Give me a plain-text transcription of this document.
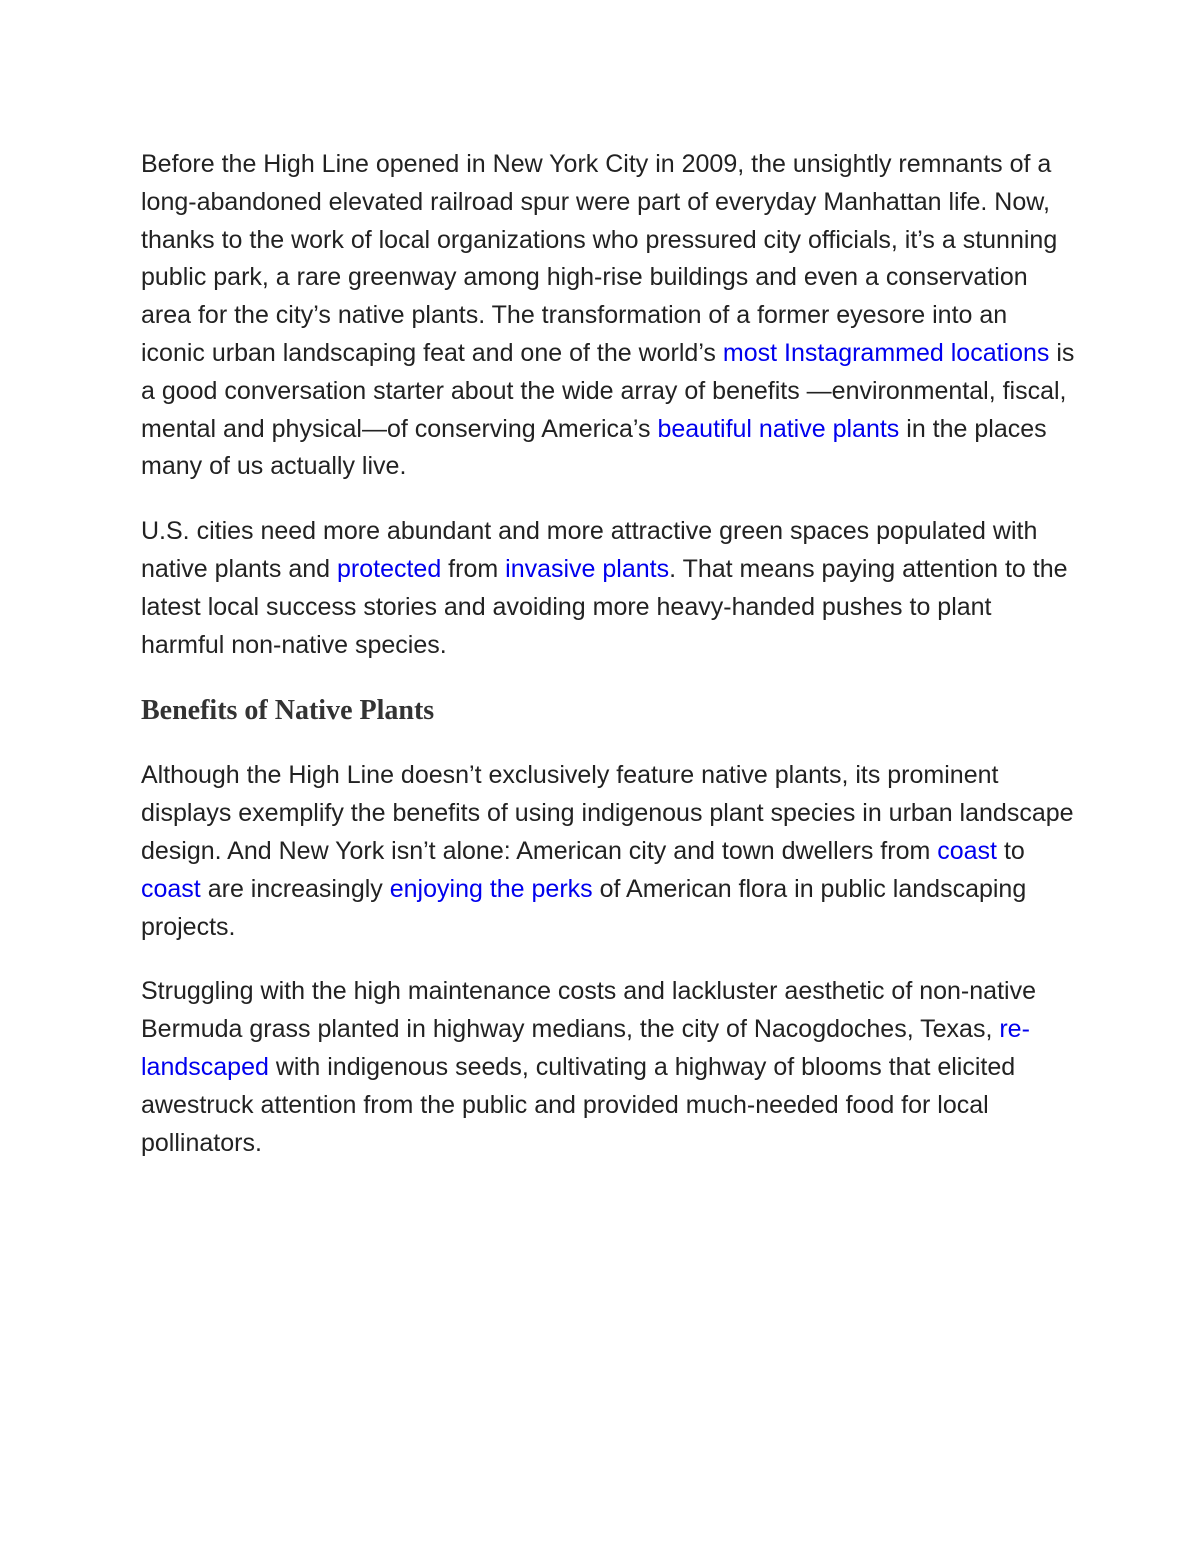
Before the High Line opened in New York City in 2009, the unsightly remnants of a long-abandoned elevated railroad spur were part of everyday Manhattan life. Now, thanks to the work of local organizations who pressured city officials, it’s a stunning public park, a rare greenway among high-rise buildings and even a conservation area for the city’s native plants. The transformation of a former eyesore into an iconic urban landscaping feat and one of the world’s most Instagrammed locations is a good conversation starter about the wide array of benefits —environmental, fiscal, mental and physical—of conserving America’s beautiful native plants in the places many of us actually live.

U.S. cities need more abundant and more attractive green spaces populated with native plants and protected from invasive plants. That means paying attention to the latest local success stories and avoiding more heavy-handed pushes to plant harmful non-native species.

Benefits of Native Plants

Although the High Line doesn’t exclusively feature native plants, its prominent displays exemplify the benefits of using indigenous plant species in urban landscape design. And New York isn’t alone: American city and town dwellers from coast to coast are increasingly enjoying the perks of American flora in public landscaping projects.

Struggling with the high maintenance costs and lackluster aesthetic of non-native Bermuda grass planted in highway medians, the city of Nacogdoches, Texas, re-landscaped with indigenous seeds, cultivating a highway of blooms that elicited awestruck attention from the public and provided much-needed food for local pollinators.
